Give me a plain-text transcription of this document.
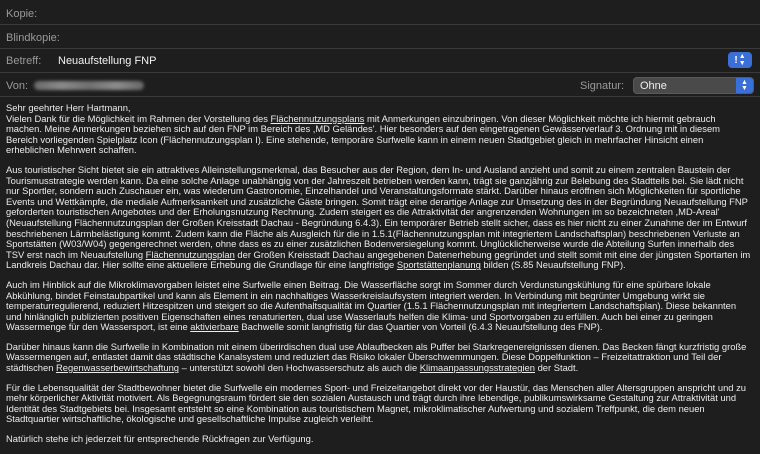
Kopie:
Blindkopie:
Betreff: Neuaufstellung FNP	! ▲
▼
Von:	Signatur: Ohne	▲
▼
Sehr geehrter Herr Hartmann,

Vielen Dank für die Möglichkeit im Rahmen der Vorstellung des Flächennutzungsplans mit Anmerkungen einzubringen. Von dieser Möglichkeit möchte ich hiermit gebrauch machen. Meine Anmerkungen beziehen sich auf den FNP im Bereich des ,MD Geländes'. Hier besonders auf den eingetragenen Gewässerverlauf 3. Ordnung mit in diesem Bereich vorliegenden Spielplatz Icon (Flächennutzungsplan I). Eine stehende, temporäre Surfwelle kann in einem neuen Stadtgebiet gleich in mehrfacher Hinsicht einen erheblichen Mehrwert schaffen.

Aus touristischer Sicht bietet sie ein attraktives Alleinstellungsmerkmal, das Besucher aus der Region, dem In- und Ausland anzieht und somit zu einem zentralen Baustein der Tourismusstrategie werden kann. Da eine solche Anlage unabhängig von der Jahreszeit betrieben werden kann, trägt sie ganzjährig zur Belebung des Stadtteils bei. Sie lädt nicht nur Sportler, sondern auch Zuschauer ein, was wiederum Gastronomie, Einzelhandel und Veranstaltungsformate stärkt. Darüber hinaus eröffnen sich Möglichkeiten für sportliche Events und Wettkämpfe, die mediale Aufmerksamkeit und zusätzliche Gäste bringen. Somit trägt eine derartige Anlage zur Umsetzung des in der Begründung Neuaufstellung FNP geforderten touristischen Angebotes und der Erholungsnutzung Rechnung. Zudem steigert es die Attraktivität der angrenzenden Wohnungen im so bezeichneten ,MD-Areal' (Neuaufstellung Flächennutzungsplan der Großen Kreisstadt Dachau - Begründung 6.4.3). Ein temporärer Betrieb stellt sicher, dass es hier nicht zu einer Zunahme der im Entwurf beschriebenen Lärmbelästigung kommt. Zudem kann die Fläche als Ausgleich für die in 1.5.1(Flächennutzungsplan mit integriertem Landschaftsplan) beschriebenen Verluste an Sportstätten (W03/W04) gegengerechnet werden, ohne dass es zu einer zusätzlichen Bodenversiegelung kommt. Unglücklicherweise wurde die Abteilung Surfen innerhalb des TSV erst nach im Neuaufstellung Flächennutzungsplan der Großen Kreisstadt Dachau angegebenen Datenerhebung gegründet und stellt somit mit eine der jüngsten Sportarten im Landkreis Dachau dar. Hier sollte eine aktuellere Erhebung die Grundlage für eine langfristige Sportstättenplanung bilden (S.85 Neuaufstellung FNP).

Auch im Hinblick auf die Mikroklimavorgaben leistet eine Surfwelle einen Beitrag. Die Wasserfläche sorgt im Sommer durch Verdunstungskühlung für eine spürbare lokale Abkühlung, bindet Feinstaubpartikel und kann als Element in ein nachhaltiges Wasserkreislaufsystem integriert werden. In Verbindung mit begrünter Umgebung wirkt sie temperaturregulierend, reduziert Hitzespitzen und steigert so die Aufenthaltsqualität im Quartier (1.5.1 Flächennutzungsplan mit integriertem Landschaftsplan). Diese bekannten und hinlänglich publizierten positiven Eigenschaften eines renaturierten, dual use Wasserlaufs helfen die Klima- und Sportvorgaben zu erfüllen. Auch bei einer zu geringen Wassermenge für den Wassersport, ist eine aktivierbare Bachwelle somit langfristig für das Quartier von Vorteil (6.4.3 Neuaufstellung des FNP).

Darüber hinaus kann die Surfwelle in Kombination mit einem überirdischen dual use Ablaufbecken als Puffer bei Starkregenereignissen dienen. Das Becken fängt kurzfristig große Wassermengen auf, entlastet damit das städtische Kanalsystem und reduziert das Risiko lokaler Überschwemmungen. Diese Doppelfunktion – Freizeitattraktion und Teil der städtischen Regenwasserbewirtschaftung – unterstützt sowohl den Hochwasserschutz als auch die Klimaanpassungsstrategien der Stadt.

Für die Lebensqualität der Stadtbewohner bietet die Surfwelle ein modernes Sport- und Freizeitangebot direkt vor der Haustür, das Menschen aller Altersgruppen anspricht und zu mehr körperlicher Aktivität motiviert. Als Begegnungsraum fördert sie den sozialen Austausch und trägt durch ihre lebendige, publikumswirksame Gestaltung zur Attraktivität und Identität des Stadtgebiets bei. Insgesamt entsteht so eine Kombination aus touristischem Magnet, mikroklimatischer Aufwertung und sozialem Treffpunkt, die dem neuen Stadtquartier wirtschaftliche, ökologische und gesellschaftliche Impulse zugleich verleiht.

Natürlich stehe ich jederzeit für entsprechende Rückfragen zur Verfügung.
